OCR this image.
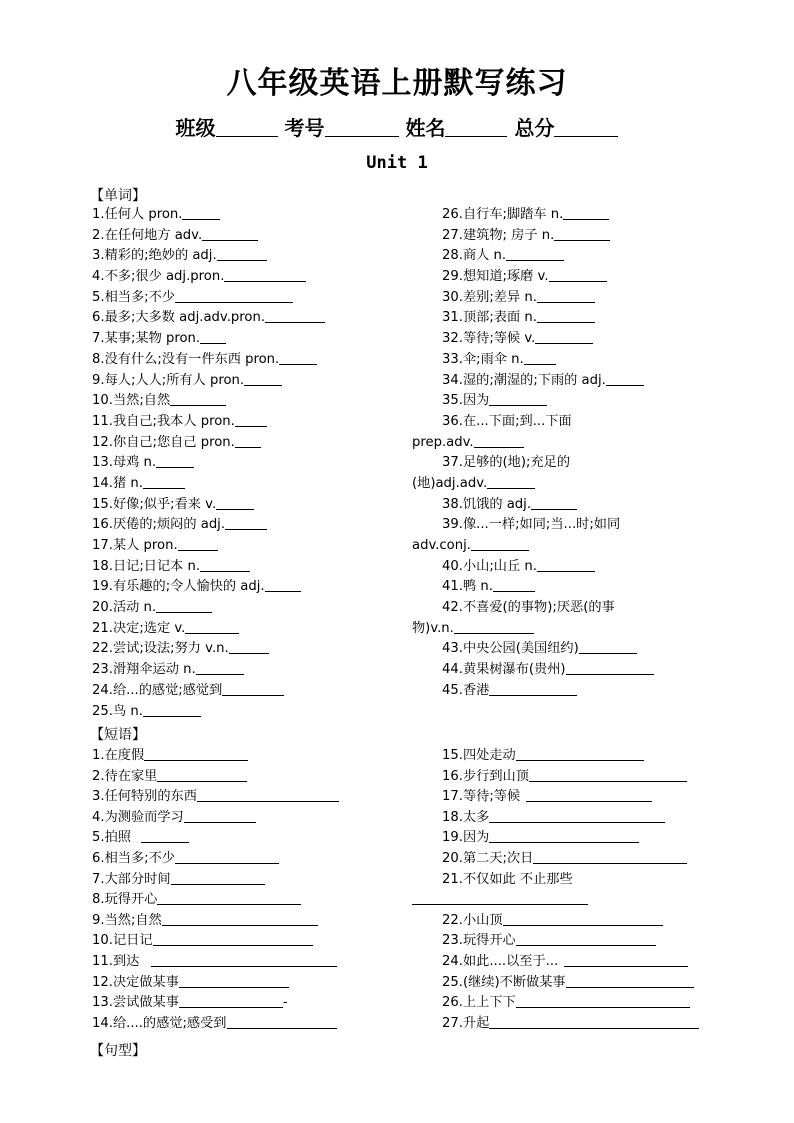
八年级英语上册默写练习
班级	考号	姓名	总分
Unit 1
【单词】
1.任何人 pron.
2.在任何地方 adv.
3.精彩的;绝妙的 adj.
4.不多;很少 adj.pron.
5.相当多;不少
6.最多;大多数 adj.adv.pron.
7.某事;某物 pron.
8.没有什么;没有一件东西 pron.
9.每人;人人;所有人 pron.
10.当然;自然
11.我自己;我本人 pron.
12.你自己;您自己 pron.
13.母鸡 n.
14.猪 n.
15.好像;似乎;看来 v.
16.厌倦的;烦闷的 adj.
17.某人 pron.
18.日记;日记本 n.
19.有乐趣的;令人愉快的 adj.
20.活动 n.
21.决定;选定 v.
22.尝试;设法;努力 v.n.
23.滑翔伞运动 n.
24.给...的感觉;感觉到
25.鸟 n.
26.自行车;脚踏车 n.
27.建筑物; 房子 n.
28.商人 n.
29.想知道;琢磨 v.
30.差别;差异 n.
31.顶部;表面 n.
32.等待;等候 v.
33.伞;雨伞 n.
34.湿的;潮湿的;下雨的 adj.
35.因为
36.在...下面;到...下面
prep.adv.
37.足够的(地);充足的
(地)adj.adv.
38.饥饿的 adj.
39.像...一样;如同;当...时;如同
adv.conj.
40.小山;山丘 n.
41.鸭 n.
42.不喜爱(的事物);厌恶(的事
物)v.n.
43.中央公园(美国纽约)
44.黄果树瀑布(贵州)
45.香港
【短语】
1.在度假
2.待在家里
3.任何特别的东西
4.为测验而学习
5.拍照
6.相当多;不少
7.大部分时间
8.玩得开心
9.当然;自然
10.记日记
11.到达
12.决定做某事
13.尝试做某事	-
14.给....的感觉;感受到
15.四处走动
16.步行到山顶
17.等待;等候
18.太多
19.因为
20.第二天;次日
21.不仅如此 不止那些
22.小山顶
23.玩得开心
24.如此....以至于...
25.(继续)不断做某事
26.上上下下
27.升起
【句型】
